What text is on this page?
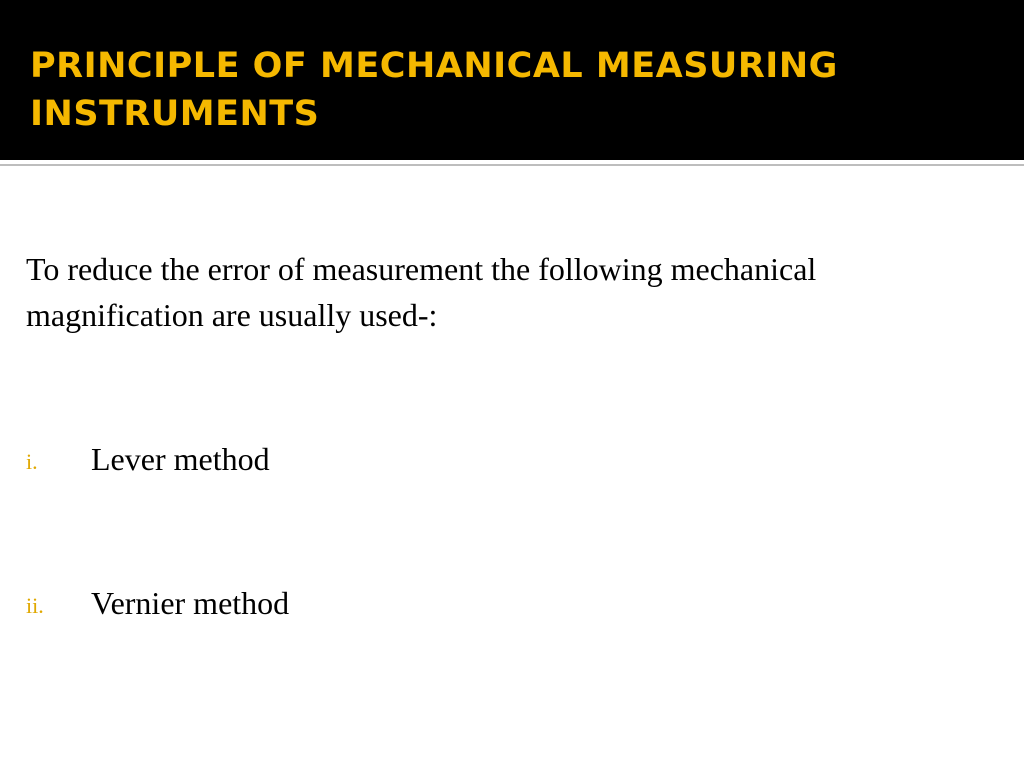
PRINCIPLE OF MECHANICAL MEASURING INSTRUMENTS

To reduce the error of measurement the following mechanical magnification are usually used-:

i. Lever method
ii. Vernier method
